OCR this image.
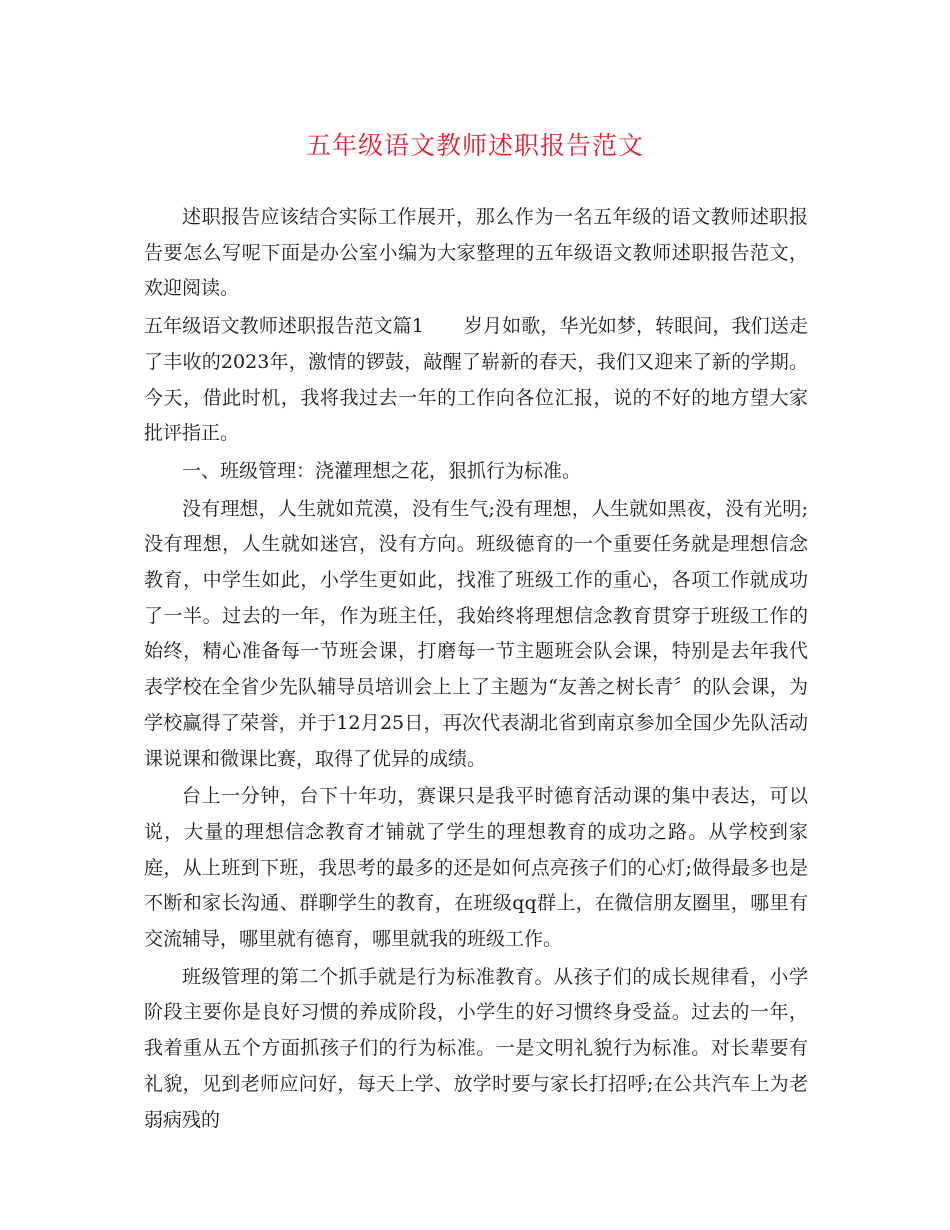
五年级语文教师述职报告范文

述职报告应该结合实际工作展开，那么作为一名五年级的语文教师述职报告要怎么写呢下面是办公室小编为大家整理的五年级语文教师述职报告范文，欢迎阅读。

五年级语文教师述职报告范文篇1 岁月如歌，华光如梦，转眼间，我们送走了丰收的2023年，激情的锣鼓，敲醒了崭新的春天，我们又迎来了新的学期。今天，借此时机，我将我过去一年的工作向各位汇报，说的不好的地方望大家批评指正。

一、班级管理：浇灌理想之花，狠抓行为标准。

没有理想，人生就如荒漠，没有生气;没有理想，人生就如黑夜，没有光明;没有理想，人生就如迷宫，没有方向。班级德育的一个重要任务就是理想信念教育，中学生如此，小学生更如此，找准了班级工作的重心，各项工作就成功了一半。过去的一年，作为班主任，我始终将理想信念教育贯穿于班级工作的始终，精心准备每一节班会课，打磨每一节主题班会队会课，特别是去年我代表学校在全省少先队辅导员培训会上上了主题为“友善之树长青〞的队会课，为学校赢得了荣誉，并于12月25日，再次代表湖北省到南京参加全国少先队活动课说课和微课比赛，取得了优异的成绩。

台上一分钟，台下十年功，赛课只是我平时德育活动课的集中表达，可以说，大量的理想信念教育才铺就了学生的理想教育的成功之路。从学校到家庭，从上班到下班，我思考的最多的还是如何点亮孩子们的心灯;做得最多也是不断和家长沟通、群聊学生的教育，在班级qq群上，在微信朋友圈里，哪里有交流辅导，哪里就有德育，哪里就我的班级工作。

班级管理的第二个抓手就是行为标准教育。从孩子们的成长规律看，小学阶段主要你是良好习惯的养成阶段，小学生的好习惯终身受益。过去的一年，我着重从五个方面抓孩子们的行为标准。一是文明礼貌行为标准。对长辈要有礼貌，见到老师应问好，每天上学、放学时要与家长打招呼;在公共汽车上为老弱病残的
